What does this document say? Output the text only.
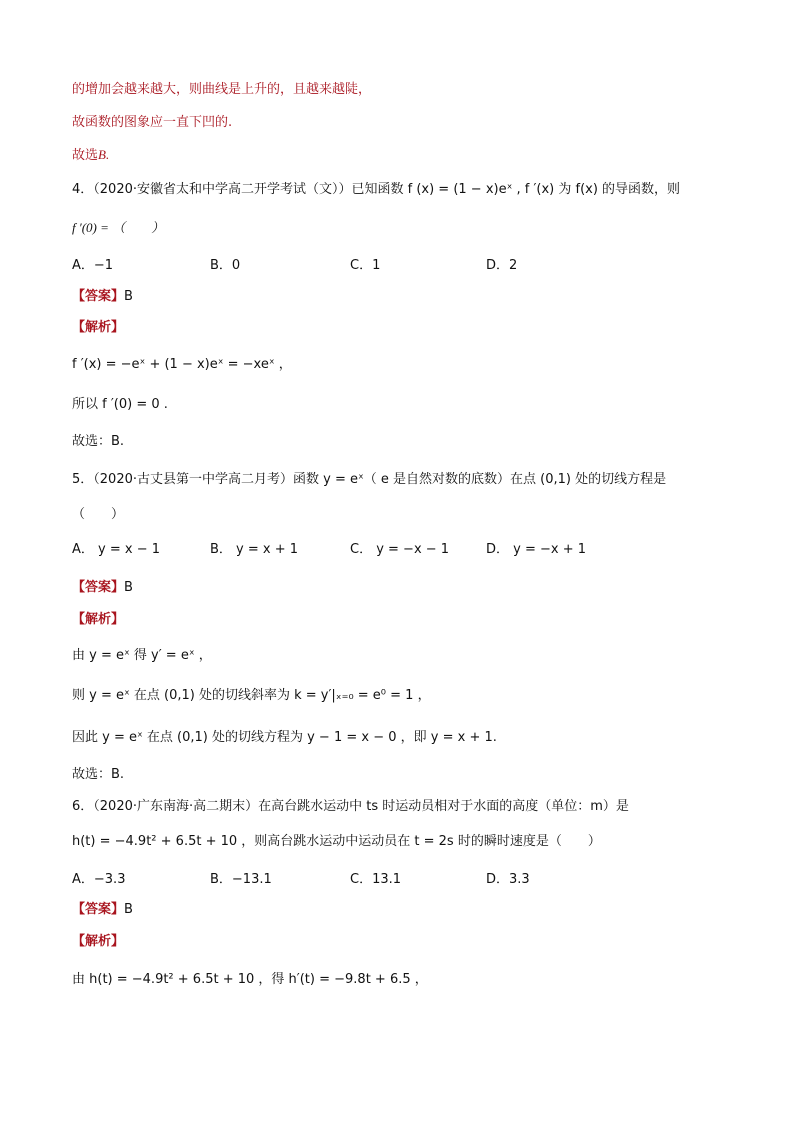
的增加会越来越大，则曲线是上升的，且越来越陡，
故函数的图象应一直下凹的.
故选B.
4．（2020·安徽省太和中学高二开学考试（文））已知函数 f (x) = (1 − x)eˣ , f ′(x) 为 f(x) 的导函数，则
f ′(0) = （　　）
A．−1	B．0	C．1	D．2
【答案】B
【解析】
f ′(x) = −eˣ + (1 − x)eˣ = −xeˣ ，
所以 f ′(0) = 0 .
故选：B.
5．（2020·古丈县第一中学高二月考）函数 y = eˣ（ e 是自然对数的底数）在点 (0,1) 处的切线方程是
（　　）
A． y = x − 1	B． y = x + 1	C． y = −x − 1	D． y = −x + 1
【答案】B
【解析】
由 y = eˣ 得 y′ = eˣ ，
则 y = eˣ 在点 (0,1) 处的切线斜率为 k = y′|ₓ₌₀ = e⁰ = 1 ，
因此 y = eˣ 在点 (0,1) 处的切线方程为 y − 1 = x − 0 ，即 y = x + 1.
故选：B.
6．（2020·广东南海·高二期末）在高台跳水运动中 ts 时运动员相对于水面的高度（单位：m）是
h(t) = −4.9t² + 6.5t + 10 ，则高台跳水运动中运动员在 t = 2s 时的瞬时速度是（　　）
A．−3.3	B．−13.1	C．13.1	D．3.3
【答案】B
【解析】
由 h(t) = −4.9t² + 6.5t + 10 ，得 h′(t) = −9.8t + 6.5 ，
